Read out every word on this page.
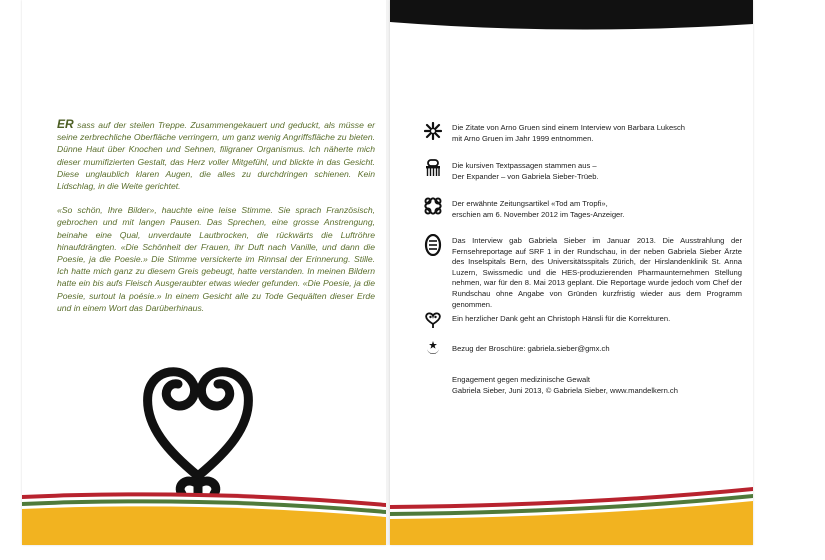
ER sass auf der steilen Treppe. Zusammengekauert und geduckt, als müsse er seine zerbrechliche Oberfläche verringern, um ganz wenig Angriffsfläche zu bieten. Dünne Haut über Knochen und Sehnen, filigraner Organismus. Ich näherte mich dieser mumifizierten Gestalt, das Herz voller Mitgefühl, und blickte in das Gesicht. Diese unglaublich klaren Augen, die alles zu durchdringen schienen. Kein Lidschlag, in die Weite gerichtet.

«So schön, Ihre Bilder», hauchte eine leise Stimme. Sie sprach Französisch, gebrochen und mit langen Pausen. Das Sprechen, eine grosse Anstrengung, beinahe eine Qual, unverdaute Lautbrocken, die rückwärts die Luftröhre hinaufdrängten. «Die Schönheit der Frauen, ihr Duft nach Vanille, und dann die Poesie, ja die Poesie.» Die Stimme versickerte im Rinnsal der Erinnerung. Stille. Ich hatte mich ganz zu diesem Greis gebeugt, hatte verstanden. In meinen Bildern hatte ein bis aufs Fleisch Ausgeraubter etwas wieder gefunden. «Die Poesie, ja die Poesie, surtout la poésie.» In einem Gesicht alle zu Tode Gequälten dieser Erde und in einem Wort das Darüberhinaus.

Die Zitate von Arno Gruen sind einem Interview von Barbara Lukesch

mit Arno Gruen im Jahr 1999 entnommen.

Die kursiven Textpassagen stammen aus –

Der Expander – von Gabriela Sieber-Trüeb.

Der erwähnte Zeitungsartikel «Tod am Tropfi»,

erschien am 6. November 2012 im Tages-Anzeiger.

Das Interview gab Gabriela Sieber im Januar 2013. Die Ausstrahlung der Fernsehreportage auf SRF 1 in der Rundschau, in der neben Gabriela Sieber Ärzte des Inselspitals Bern, des Universitätsspitals Zürich, der Hirslandenklinik St. Anna Luzern, Swissmedic und die HES-produzierenden Pharmaunternehmen Stellung nehmen, war für den 8. Mai 2013 geplant. Die Reportage wurde jedoch vom Chef der Rundschau ohne Angabe von Gründen kurzfristig wieder aus dem Programm genommen.

Ein herzlicher Dank geht an Christoph Hänsli für die Korrekturen.

Bezug der Broschüre: gabriela.sieber@gmx.ch

Engagement gegen medizinische Gewalt

Gabriela Sieber, Juni 2013, © Gabriela Sieber, www.mandelkern.ch
